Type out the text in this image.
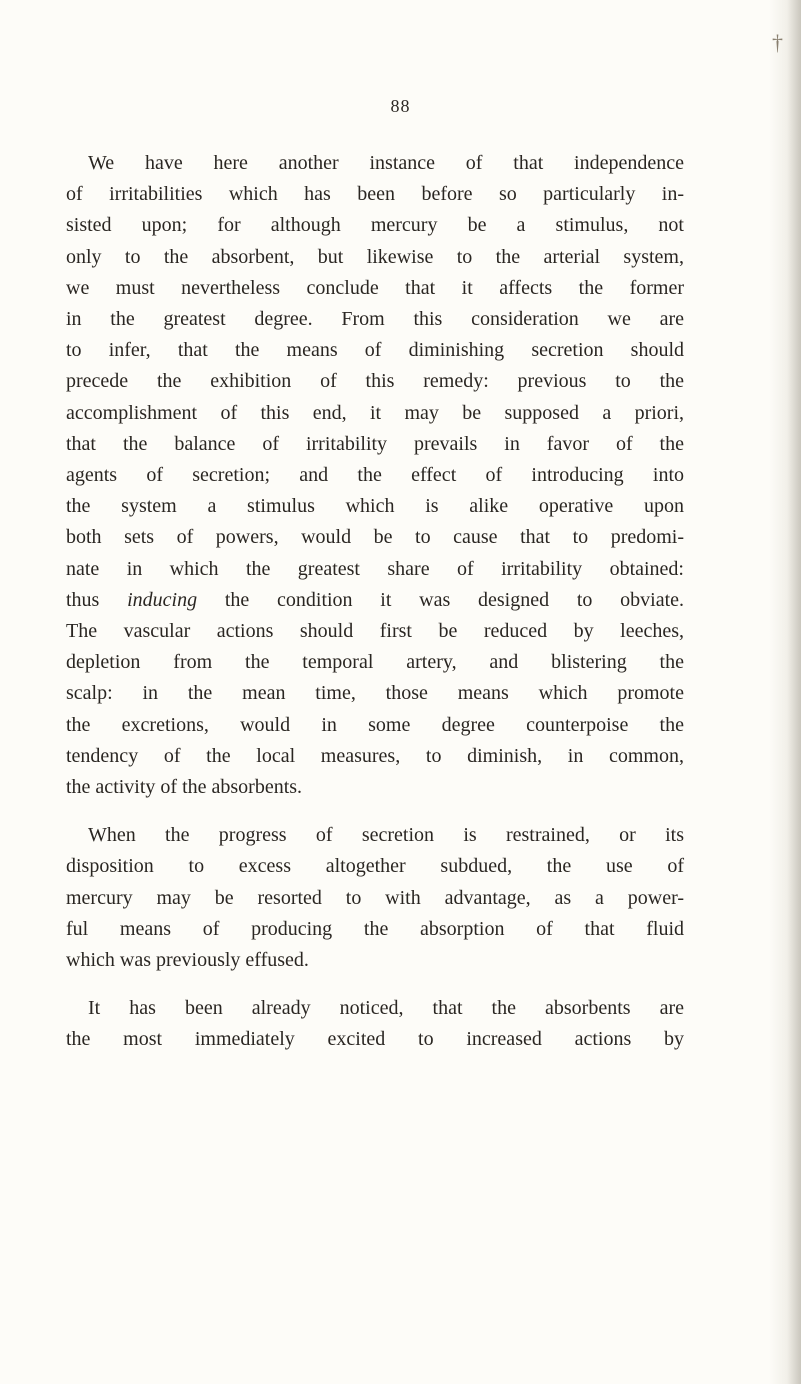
†
88

We have here another instance of that independence
of irritabilities which has been before so particularly in-
sisted upon; for although mercury be a stimulus, not
only to the absorbent, but likewise to the arterial system,
we must nevertheless conclude that it affects the former
in the greatest degree. From this consideration we are
to infer, that the means of diminishing secretion should
precede the exhibition of this remedy: previous to the
accomplishment of this end, it may be supposed a priori,
that the balance of irritability prevails in favor of the
agents of secretion; and the effect of introducing into
the system a stimulus which is alike operative upon
both sets of powers, would be to cause that to predomi-
nate in which the greatest share of irritability obtained:
thus inducing the condition it was designed to obviate.
The vascular actions should first be reduced by leeches,
depletion from the temporal artery, and blistering the
scalp: in the mean time, those means which promote
the excretions, would in some degree counterpoise the
tendency of the local measures, to diminish, in common,
the activity of the absorbents.

When the progress of secretion is restrained, or its
disposition to excess altogether subdued, the use of
mercury may be resorted to with advantage, as a power-
ful means of producing the absorption of that fluid
which was previously effused.

It has been already noticed, that the absorbents are
the most immediately excited to increased actions by
